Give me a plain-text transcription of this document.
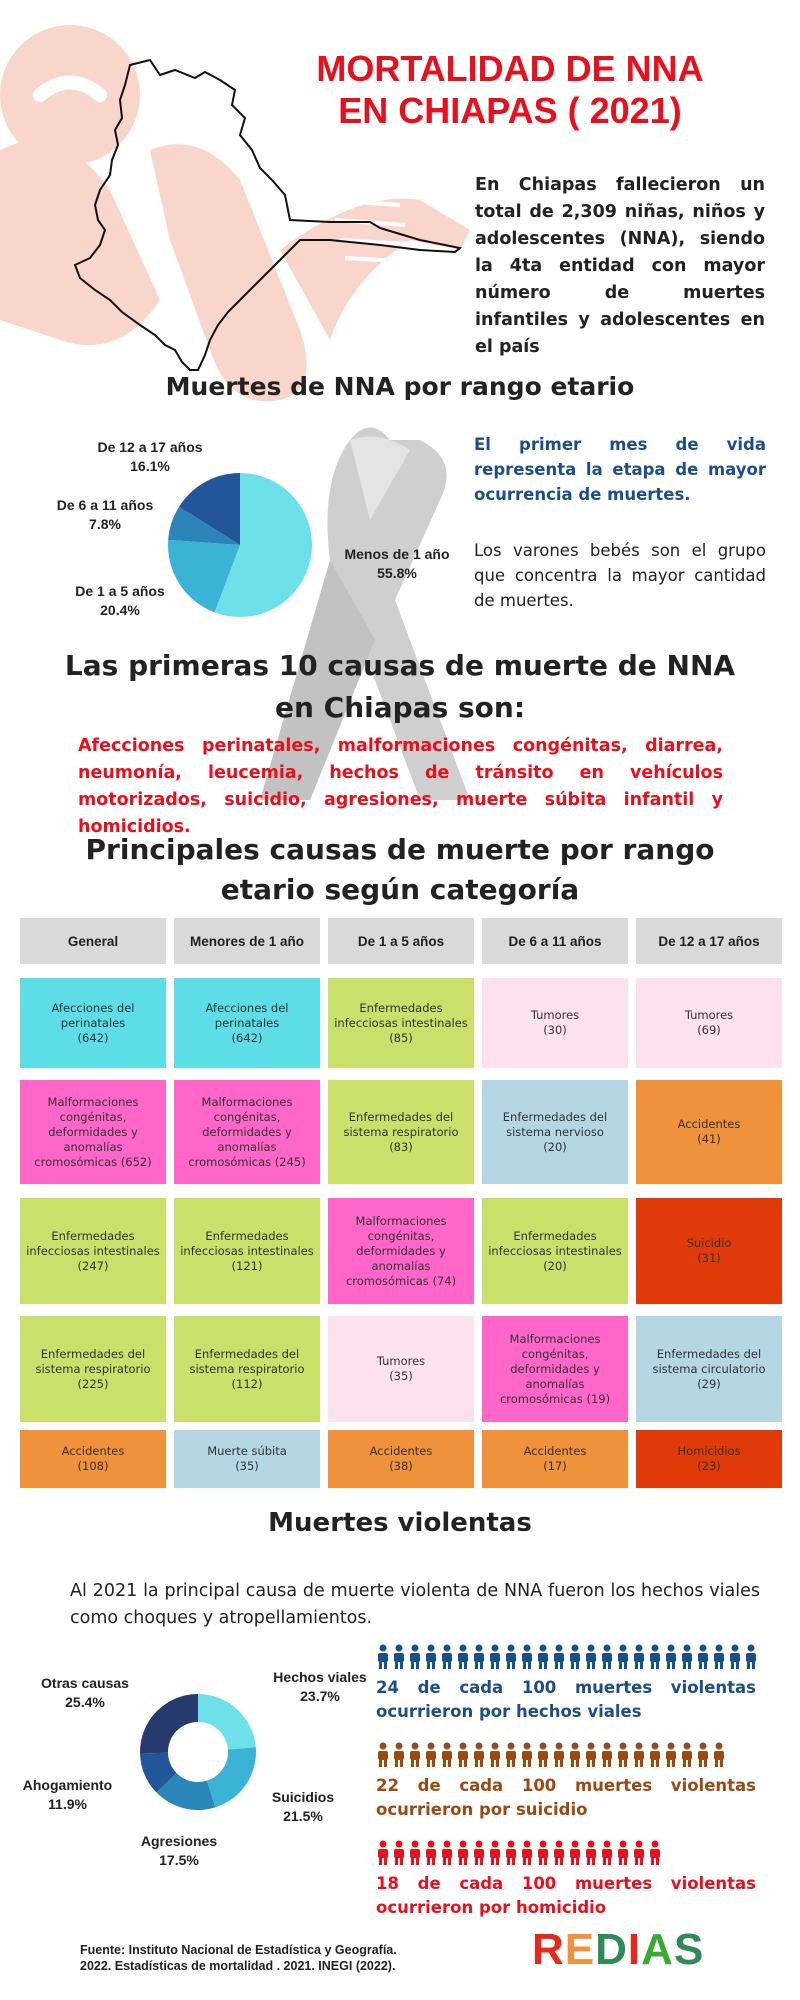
MORTALIDAD DE NNA
EN CHIAPAS ( 2021)
En Chiapas fallecieron un total de 2,309 niñas, niños y adolescentes (NNA), siendo la 4ta entidad con mayor número de muertes infantiles y adolescentes en el país
Muertes de NNA por rango etario
De 12 a 17 años
16.1%
De 6 a 11 años
7.8%
De 1 a 5 años
20.4%
Menos de 1 año
55.8%
El primer mes de vida representa la etapa de mayor ocurrencia de muertes.
Los varones bebés son el grupo que concentra la mayor cantidad de muertes.
Las primeras 10 causas de muerte de NNA
en Chiapas son:
Afecciones perinatales, malformaciones congénitas, diarrea, neumonía, leucemia, hechos de tránsito en vehículos motorizados, suicidio, agresiones, muerte súbita infantil y homicidios.
Principales causas de muerte por rango
etario según categoría
General
Afecciones del perinatales
(642)
Malformaciones congénitas, deformidades y anomalías cromosómicas (652)
Enfermedades infecciosas intestinales
(247)
Enfermedades del sistema respiratorio
(225)
Accidentes
(108)
Menores de 1 año
Afecciones del perinatales
(642)
Malformaciones congénitas, deformidades y anomalías cromosómicas (245)
Enfermedades infecciosas intestinales
(121)
Enfermedades del sistema respiratorio
(112)
Muerte súbita
(35)
De 1 a 5 años
Enfermedades infecciosas intestinales
(85)
Enfermedades del sistema respiratorio
(83)
Malformaciones congénitas, deformidades y anomalías cromosómicas (74)
Tumores
(35)
Accidentes
(38)
De 6 a 11 años
Tumores
(30)
Enfermedades del sistema nervioso
(20)
Enfermedades infecciosas intestinales
(20)
Malformaciones congénitas, deformidades y anomalías cromosómicas (19)
Accidentes
(17)
De 12 a 17 años
Tumores
(69)
Accidentes
(41)
Suicidio
(31)
Enfermedades del sistema circulatorio
(29)
Homicidios
(23)
Muertes violentas
Al 2021 la principal causa de muerte violenta de NNA fueron los hechos viales como choques y atropellamientos.
Hechos viales
23.7%
Suicidios
21.5%
Agresiones
17.5%
Ahogamiento
11.9%
Otras causas
25.4%
24 de cada 100 muertes violentas ocurrieron por hechos viales
22 de cada 100 muertes violentas ocurrieron por suicidio
18 de cada 100 muertes violentas ocurrieron por homicidio
Fuente: Instituto Nacional de Estadística y Geografía.
2022. Estadísticas de mortalidad . 2021. INEGI (2022).	REDIAS
